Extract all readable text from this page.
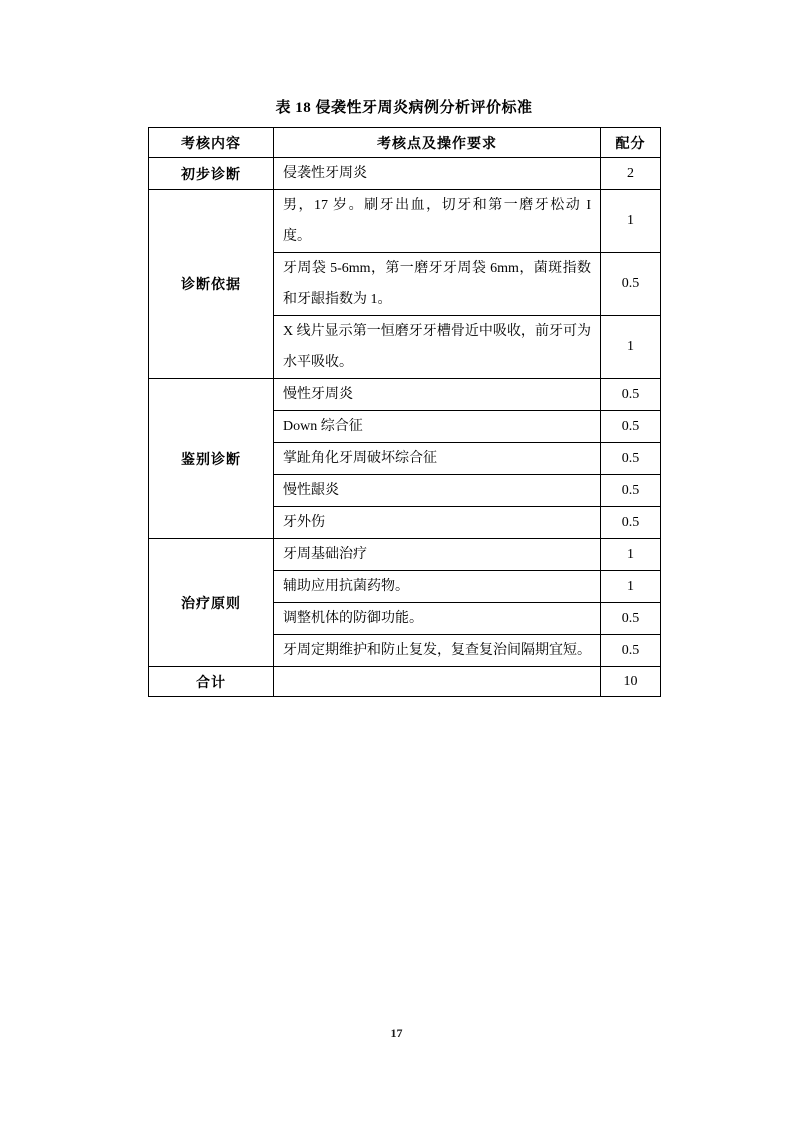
表 18 侵袭性牙周炎病例分析评价标准
考核内容	考核点及操作要求	配分
初步诊断	侵袭性牙周炎	2
诊断依据	男，17 岁。刷牙出血，切牙和第一磨牙松动 I 度。	1
	牙周袋 5-6mm，第一磨牙牙周袋 6mm，菌斑指数和牙龈指数为 1。	0.5
	X 线片显示第一恒磨牙牙槽骨近中吸收，前牙可为水平吸收。	1
鉴别诊断	慢性牙周炎	0.5
	Down 综合征	0.5
	掌趾角化牙周破坏综合征	0.5
	慢性龈炎	0.5
	牙外伤	0.5
治疗原则	牙周基础治疗	1
	辅助应用抗菌药物。	1
	调整机体的防御功能。	0.5
	牙周定期维护和防止复发，复查复治间隔期宜短。	0.5
合计		10
17
